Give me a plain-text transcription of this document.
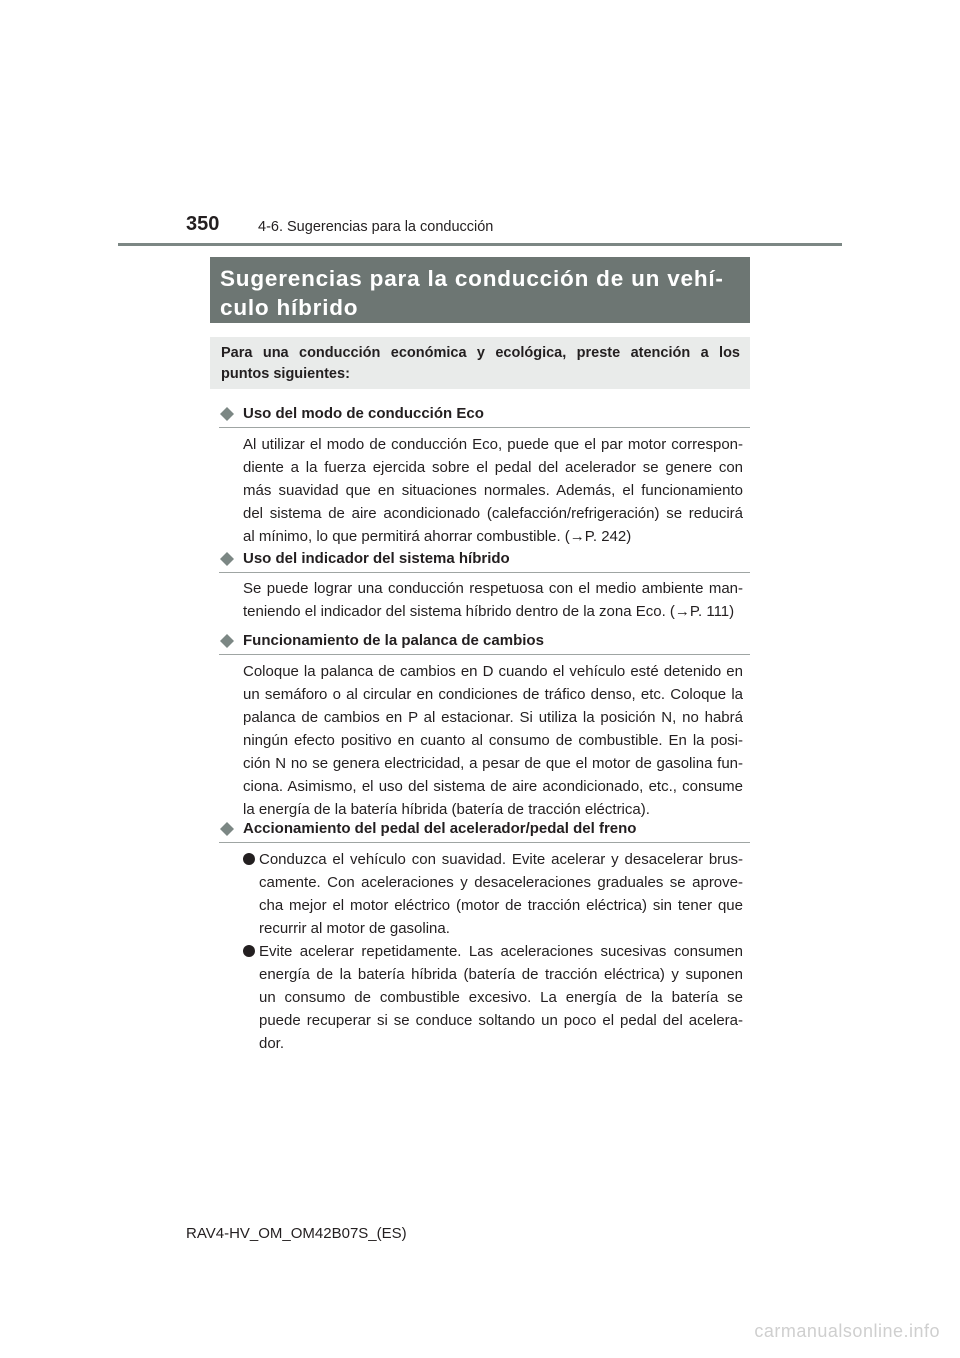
350	4-6. Sugerencias para la conducción
Sugerencias para la conducción de un vehí-
culo híbrido
Para una conducción económica y ecológica, preste atención a los
puntos siguientes:
Uso del modo de conducción Eco
Al utilizar el modo de conducción Eco, puede que el par motor correspon-
diente a la fuerza ejercida sobre el pedal del acelerador se genere con
más suavidad que en situaciones normales. Además, el funcionamiento
del sistema de aire acondicionado (calefacción/refrigeración) se reducirá
al mínimo, lo que permitirá ahorrar combustible. (→P. 242)
Uso del indicador del sistema híbrido
Se puede lograr una conducción respetuosa con el medio ambiente man-
teniendo el indicador del sistema híbrido dentro de la zona Eco. (→P. 111)
Funcionamiento de la palanca de cambios
Coloque la palanca de cambios en D cuando el vehículo esté detenido en
un semáforo o al circular en condiciones de tráfico denso, etc. Coloque la
palanca de cambios en P al estacionar. Si utiliza la posición N, no habrá
ningún efecto positivo en cuanto al consumo de combustible. En la posi-
ción N no se genera electricidad, a pesar de que el motor de gasolina fun-
ciona. Asimismo, el uso del sistema de aire acondicionado, etc., consume
la energía de la batería híbrida (batería de tracción eléctrica).
Accionamiento del pedal del acelerador/pedal del freno
Conduzca el vehículo con suavidad. Evite acelerar y desacelerar brus-
camente. Con aceleraciones y desaceleraciones graduales se aprove-
cha mejor el motor eléctrico (motor de tracción eléctrica) sin tener que
recurrir al motor de gasolina.
Evite acelerar repetidamente. Las aceleraciones sucesivas consumen
energía de la batería híbrida (batería de tracción eléctrica) y suponen
un consumo de combustible excesivo. La energía de la batería se
puede recuperar si se conduce soltando un poco el pedal del acelera-
dor.
RAV4-HV_OM_OM42B07S_(ES)
carmanualsonline.info
